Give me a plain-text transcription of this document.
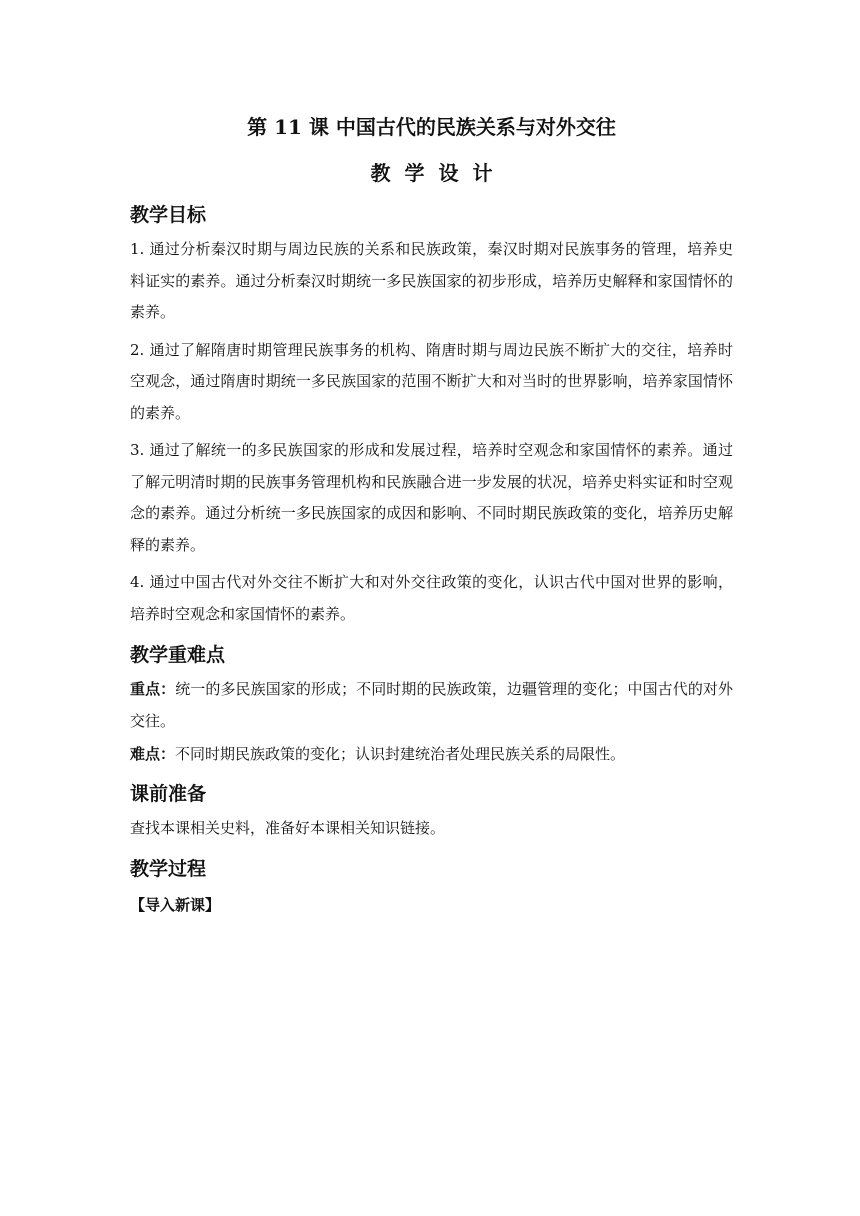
第 11 课 中国古代的民族关系与对外交往
教学设计
教学目标

1. 通过分析秦汉时期与周边民族的关系和民族政策，秦汉时期对民族事务的管理，培养史料证实的素养。通过分析秦汉时期统一多民族国家的初步形成，培养历史解释和家国情怀的素养。

2. 通过了解隋唐时期管理民族事务的机构、隋唐时期与周边民族不断扩大的交往，培养时空观念，通过隋唐时期统一多民族国家的范围不断扩大和对当时的世界影响，培养家国情怀的素养。

3. 通过了解统一的多民族国家的形成和发展过程，培养时空观念和家国情怀的素养。通过了解元明清时期的民族事务管理机构和民族融合进一步发展的状况，培养史料实证和时空观念的素养。通过分析统一多民族国家的成因和影响、不同时期民族政策的变化，培养历史解释的素养。

4. 通过中国古代对外交往不断扩大和对外交往政策的变化，认识古代中国对世界的影响，培养时空观念和家国情怀的素养。

教学重难点

重点：统一的多民族国家的形成；不同时期的民族政策，边疆管理的变化；中国古代的对外交往。

难点：不同时期民族政策的变化；认识封建统治者处理民族关系的局限性。

课前准备

查找本课相关史料，准备好本课相关知识链接。

教学过程

【导入新课】
